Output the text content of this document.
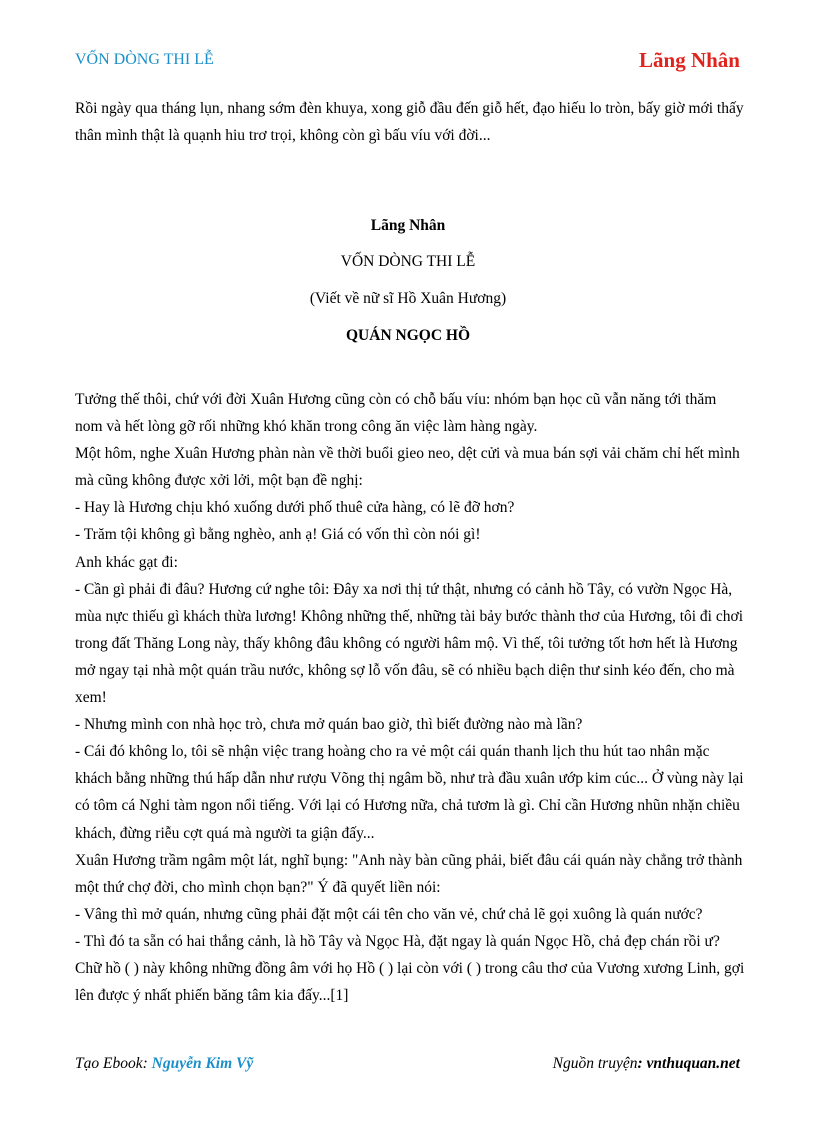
VỐN DÒNG THI LỄ	Lãng Nhân

Rồi ngày qua tháng lụn, nhang sớm đèn khuya, xong giỗ đầu đến giỗ hết, đạo hiếu lo tròn, bấy giờ mới thấy thân mình thật là quạnh hiu trơ trọi, không còn gì bấu víu với đời...

Lãng Nhân

VỐN DÒNG THI LỄ

(Viết về nữ sĩ Hồ Xuân Hương)

QUÁN NGỌC HỒ

Tưởng thế thôi, chứ với đời Xuân Hương cũng còn có chỗ bấu víu: nhóm bạn học cũ vẫn năng tới thăm nom và hết lòng gỡ rối những khó khăn trong công ăn việc làm hàng ngày.

Một hôm, nghe Xuân Hương phàn nàn về thời buổi gieo neo, dệt cửi và mua bán sợi vải chăm chỉ hết mình mà cũng không được xởi lởi, một bạn đề nghị:

- Hay là Hương chịu khó xuống dưới phố thuê cửa hàng, có lẽ đỡ hơn?

- Trăm tội không gì bằng nghèo, anh ạ! Giá có vốn thì còn nói gì!

Anh khác gạt đi:

- Cần gì phải đi đâu? Hương cứ nghe tôi: Đây xa nơi thị tứ thật, nhưng có cảnh hồ Tây, có vườn Ngọc Hà, mùa nực thiếu gì khách thừa lương! Không những thế, những tài bảy bước thành thơ của Hương, tôi đi chơi trong đất Thăng Long này, thấy không đâu không có người hâm mộ. Vì thế, tôi tưởng tốt hơn hết là Hương mở ngay tại nhà một quán trầu nước, không sợ lỗ vốn đâu, sẽ có nhiều bạch diện thư sinh kéo đến, cho mà xem!

- Nhưng mình con nhà học trò, chưa mở quán bao giờ, thì biết đường nào mà lần?

- Cái đó không lo, tôi sẽ nhận việc trang hoàng cho ra vẻ một cái quán thanh lịch thu hút tao nhân mặc khách bằng những thú hấp dẫn như rượu Võng thị ngâm bồ, như trà đầu xuân ướp kim cúc... Ở vùng này lại có tôm cá Nghi tàm ngon nổi tiếng. Với lại có Hương nữa, chả tươm là gì. Chỉ cần Hương nhũn nhặn chiều khách, đừng riễu cợt quá mà người ta giận đấy...

Xuân Hương trầm ngâm một lát, nghĩ bụng: "Anh này bàn cũng phải, biết đâu cái quán này chẳng trở thành một thứ chợ đời, cho mình chọn bạn?" Ý đã quyết liền nói:

- Vâng thì mở quán, nhưng cũng phải đặt một cái tên cho văn vẻ, chứ chả lẽ gọi xuông là quán nước?

- Thì đó ta sẵn có hai thắng cảnh, là hồ Tây và Ngọc Hà, đặt ngay là quán Ngọc Hồ, chả đẹp chán rồi ư? Chữ hồ ( ) này không những đồng âm với họ Hồ ( ) lại còn với ( ) trong câu thơ của Vương xương Linh, gợi lên được ý nhất phiến băng tâm kia đấy...[1]

Tạo Ebook: Nguyễn Kim Vỹ	Nguồn truyện: vnthuquan.net
